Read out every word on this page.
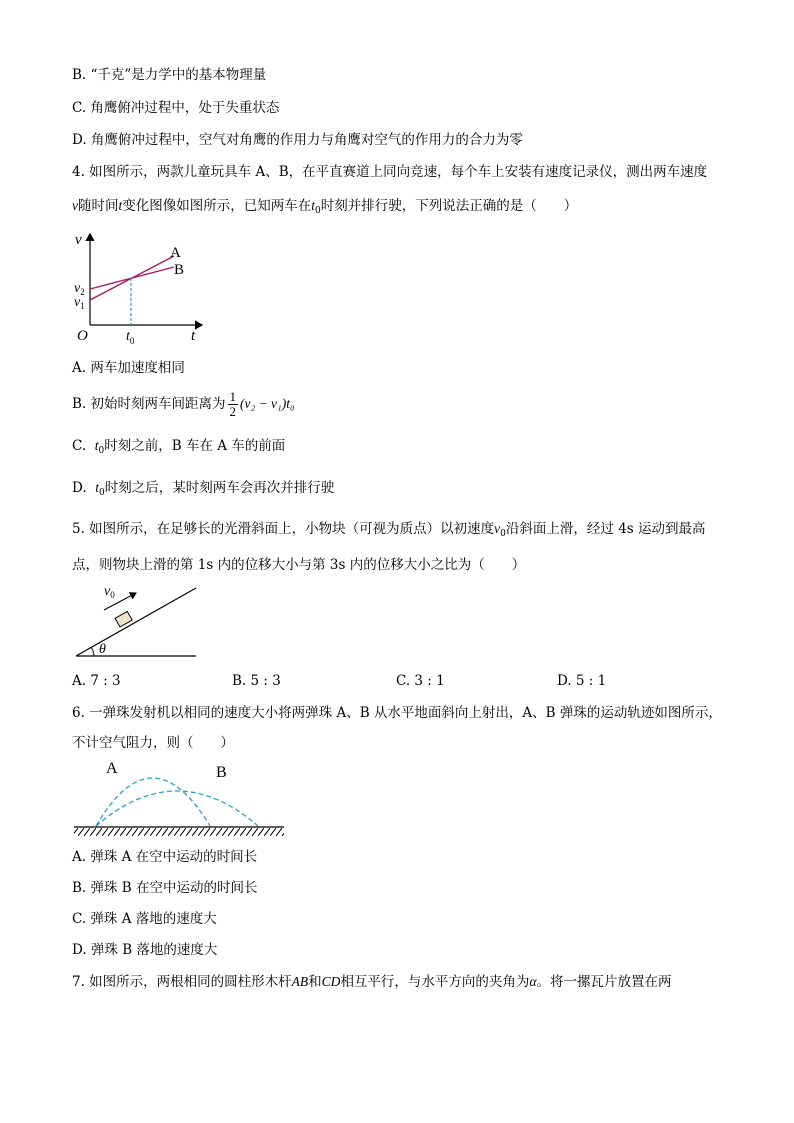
B. “千克”是力学中的基本物理量
C. 角鹰俯冲过程中，处于失重状态
D. 角鹰俯冲过程中，空气对角鹰的作用力与角鹰对空气的作用力的合力为零
4. 如图所示，两款儿童玩具车 A、B，在平直赛道上同向竞速，每个车上安装有速度记录仪，测出两车速度
v随时间t变化图像如图所示，已知两车在$t_0$时刻并排行驶，下列说法正确的是（　　）
v
t
O
A
B
$v_2$
$v_1$
$t_0$
A. 两车加速度相同
B. 初始时刻两车间距离为 $\frac{1}{2} (v_2 - v_1)t_0$
C.  $t_0$时刻之前，B 车在 A 车的前面
D.  $t_0$时刻之后，某时刻两车会再次并排行驶
5. 如图所示，在足够长的光滑斜面上，小物块（可视为质点）以初速度$v_0$沿斜面上滑，经过 4s 运动到最高
点，则物块上滑的第 1s 内的位移大小与第 3s 内的位移大小之比为（　　）
$v_0$
θ
A. 7 : 3	B. 5 : 3	C. 3 : 1	D. 5 : 1
6. 一弹珠发射机以相同的速度大小将两弹珠 A、B 从水平地面斜向上射出，A、B 弹珠的运动轨迹如图所示，
不计空气阻力，则（　　）
A	B
A. 弹珠 A 在空中运动的时间长
B. 弹珠 B 在空中运动的时间长
C. 弹珠 A 落地的速度大
D. 弹珠 B 落地的速度大
7. 如图所示，两根相同的圆柱形木杆AB和CD相互平行，与水平方向的夹角为α。将一摞瓦片放置在两
